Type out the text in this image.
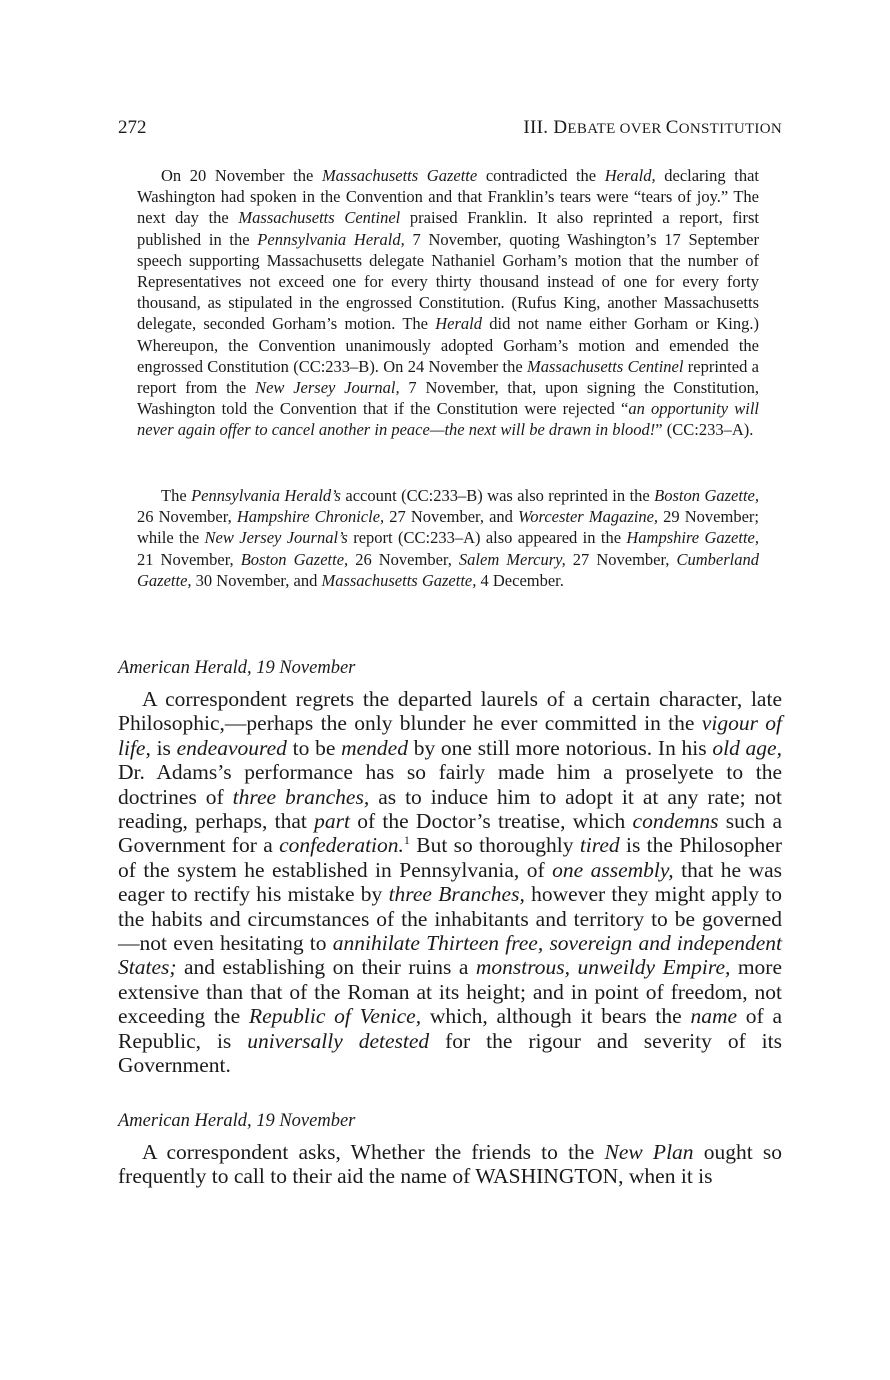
272	III. DEBATE OVER CONSTITUTION

On 20 November the Massachusetts Gazette contradicted the Herald, declaring that Washington had spoken in the Convention and that Franklin’s tears were “tears of joy.” The next day the Massachusetts Centinel praised Franklin. It also reprinted a report, first published in the Pennsylvania Herald, 7 November, quoting Washington’s 17 September speech supporting Massachusetts delegate Nathaniel Gorham’s motion that the number of Representatives not exceed one for every thirty thousand instead of one for every forty thousand, as stipulated in the engrossed Constitution. (Rufus King, another Massachusetts delegate, seconded Gorham’s motion. The Herald did not name either Gorham or King.) Whereupon, the Convention unanimously adopted Gorham’s motion and emended the engrossed Constitution (CC:233–B). On 24 November the Massachusetts Centinel reprinted a report from the New Jersey Journal, 7 November, that, upon signing the Constitution, Washington told the Convention that if the Constitution were rejected “an opportunity will never again offer to cancel another in peace—the next will be drawn in blood!” (CC:233–A).

The Pennsylvania Herald’s account (CC:233–B) was also reprinted in the Boston Gazette, 26 November, Hampshire Chronicle, 27 November, and Worcester Magazine, 29 November; while the New Jersey Journal’s report (CC:233–A) also appeared in the Hampshire Gazette, 21 November, Boston Gazette, 26 November, Salem Mercury, 27 November, Cumberland Gazette, 30 November, and Massachusetts Gazette, 4 December.

American Herald, 19 November

A correspondent regrets the departed laurels of a certain character, late Philosophic,—perhaps the only blunder he ever committed in the vigour of life, is endeavoured to be mended by one still more notorious. In his old age, Dr. Adams’s performance has so fairly made him a proselyete to the doctrines of three branches, as to induce him to adopt it at any rate; not reading, perhaps, that part of the Doctor’s treatise, which condemns such a Government for a confederation.$^1$ But so thoroughly tired is the Philosopher of the system he established in Pennsylvania, of one assembly, that he was eager to rectify his mistake by three Branches, however they might apply to the habits and circumstances of the inhabitants and territory to be governed—not even hesitating to annihilate Thirteen free, sovereign and independent States; and establishing on their ruins a monstrous, unweildy Empire, more extensive than that of the Roman at its height; and in point of freedom, not exceeding the Republic of Venice, which, although it bears the name of a Republic, is universally detested for the rigour and severity of its Government.

American Herald, 19 November

A correspondent asks, Whether the friends to the New Plan ought so frequently to call to their aid the name of WASHINGTON, when it is
